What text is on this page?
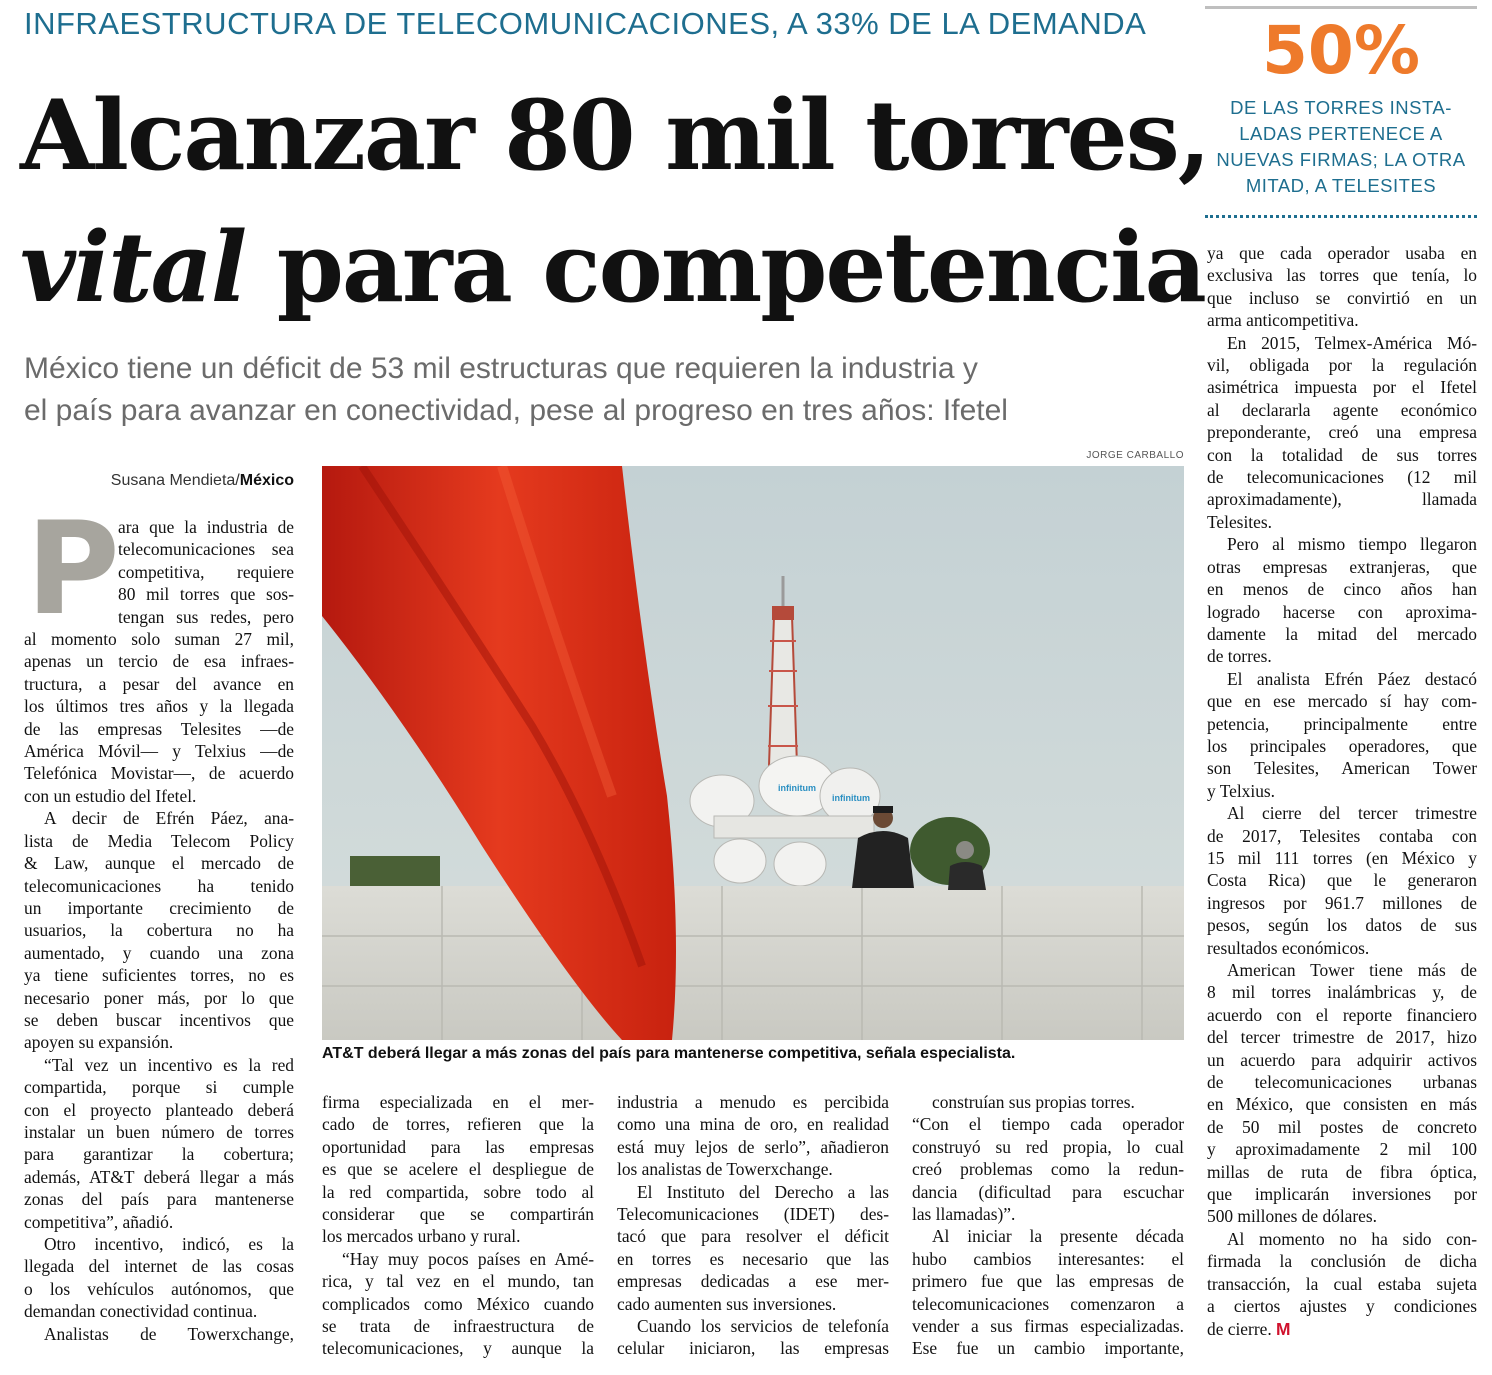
INFRAESTRUCTURA DE TELECOMUNICACIONES, A 33% DE LA DEMANDA
Alcanzar 80 mil torres,
vital para competencia
México tiene un déficit de 53 mil estructuras que requieren la industria y
el país para avanzar en conectividad, pese al progreso en tres años: Ifetel
50%
DE LAS TORRES INSTA-
LADAS PERTENECE A
NUEVAS FIRMAS; LA OTRA
MITAD, A TELESITES
JORGE CARBALLO
infinitum
infinitum
AT&T deberá llegar a más zonas del país para mantenerse competitiva, señala especialista.
Susana Mendieta/México
P
ara que la industria de
telecomunicaciones sea
competitiva, requiere
80 mil torres que sos-
tengan sus redes, pero
al momento solo suman 27 mil,
apenas un tercio de esa infraes-
tructura, a pesar del avance en
los últimos tres años y la llegada
de las empresas Telesites —de
América Móvil— y Telxius —de
Telefónica Movistar—, de acuerdo
con un estudio del Ifetel.
A decir de Efrén Páez, ana-
lista de Media Telecom Policy
& Law, aunque el mercado de
telecomunicaciones ha tenido
un importante crecimiento de
usuarios, la cobertura no ha
aumentado, y cuando una zona
ya tiene suficientes torres, no es
necesario poner más, por lo que
se deben buscar incentivos que
apoyen su expansión.
“Tal vez un incentivo es la red
compartida, porque si cumple
con el proyecto planteado deberá
instalar un buen número de torres
para garantizar la cobertura;
además, AT&T deberá llegar a más
zonas del país para mantenerse
competitiva”, añadió.
Otro incentivo, indicó, es la
llegada del internet de las cosas
o los vehículos autónomos, que
demandan conectividad continua.
Analistas de Towerxchange,
firma especializada en el mer-
cado de torres, refieren que la
oportunidad para las empresas
es que se acelere el despliegue de
la red compartida, sobre todo al
considerar que se compartirán
los mercados urbano y rural.
“Hay muy pocos países en Amé-
rica, y tal vez en el mundo, tan
complicados como México cuando
se trata de infraestructura de
telecomunicaciones, y aunque la
industria a menudo es percibida
como una mina de oro, en realidad
está muy lejos de serlo”, añadieron
los analistas de Towerxchange.
El Instituto del Derecho a las
Telecomunicaciones (IDET) des-
tacó que para resolver el déficit
en torres es necesario que las
empresas dedicadas a ese mer-
cado aumenten sus inversiones.
Cuando los servicios de telefonía
celular iniciaron, las empresas
construían sus propias torres.
“Con el tiempo cada operador
construyó su red propia, lo cual
creó problemas como la redun-
dancia (dificultad para escuchar
las llamadas)”.
Al iniciar la presente década
hubo cambios interesantes: el
primero fue que las empresas de
telecomunicaciones comenzaron a
vender a sus firmas especializadas.
Ese fue un cambio importante,
ya que cada operador usaba en
exclusiva las torres que tenía, lo
que incluso se convirtió en un
arma anticompetitiva.
En 2015, Telmex-América Mó-
vil, obligada por la regulación
asimétrica impuesta por el Ifetel
al declararla agente económico
preponderante, creó una empresa
con la totalidad de sus torres
de telecomunicaciones (12 mil
aproximadamente), llamada
Telesites.
Pero al mismo tiempo llegaron
otras empresas extranjeras, que
en menos de cinco años han
logrado hacerse con aproxima-
damente la mitad del mercado
de torres.
El analista Efrén Páez destacó
que en ese mercado sí hay com-
petencia, principalmente entre
los principales operadores, que
son Telesites, American Tower
y Telxius.
Al cierre del tercer trimestre
de 2017, Telesites contaba con
15 mil 111 torres (en México y
Costa Rica) que le generaron
ingresos por 961.7 millones de
pesos, según los datos de sus
resultados económicos.
American Tower tiene más de
8 mil torres inalámbricas y, de
acuerdo con el reporte financiero
del tercer trimestre de 2017, hizo
un acuerdo para adquirir activos
de telecomunicaciones urbanas
en México, que consisten en más
de 50 mil postes de concreto
y aproximadamente 2 mil 100
millas de ruta de fibra óptica,
que implicarán inversiones por
500 millones de dólares.
Al momento no ha sido con-
firmada la conclusión de dicha
transacción, la cual estaba sujeta
a ciertos ajustes y condiciones
de cierre. M
